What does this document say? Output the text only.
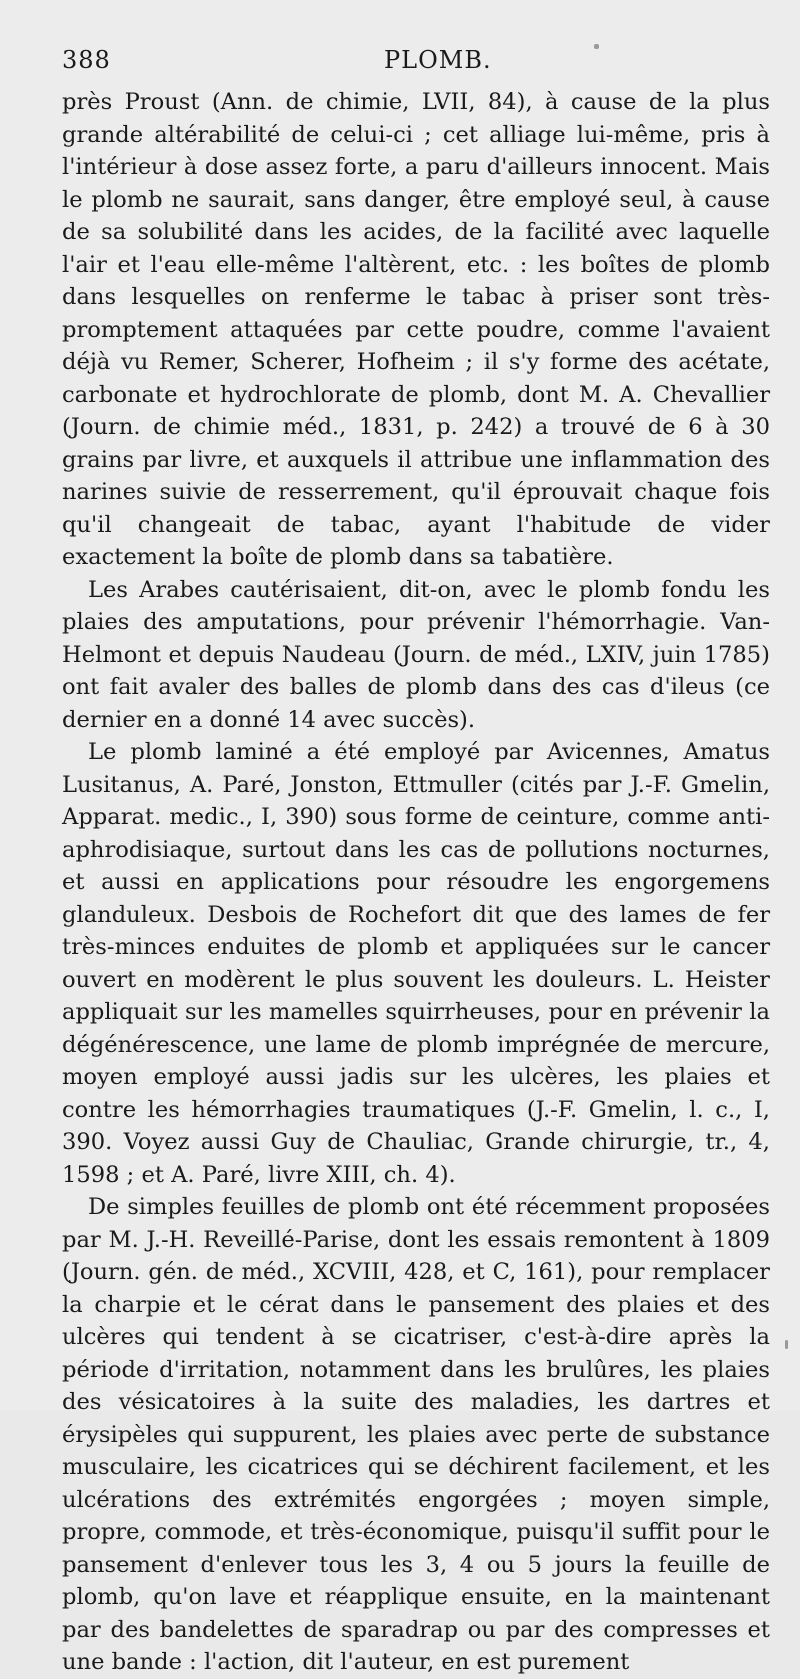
388	PLOMB.

près Proust (Ann. de chimie, LVII, 84), à cause de la plus grande altérabilité de celui-ci ; cet alliage lui-même, pris à l'intérieur à dose assez forte, a paru d'ailleurs innocent. Mais le plomb ne saurait, sans danger, être employé seul, à cause de sa solubilité dans les acides, de la facilité avec laquelle l'air et l'eau elle-même l'altèrent, etc. : les boîtes de plomb dans lesquelles on renferme le tabac à priser sont très-promptement attaquées par cette poudre, comme l'avaient déjà vu Remer, Scherer, Hofheim ; il s'y forme des acétate, carbonate et hydrochlorate de plomb, dont M. A. Chevallier (Journ. de chimie méd., 1831, p. 242) a trouvé de 6 à 30 grains par livre, et auxquels il attribue une inflammation des narines suivie de resserrement, qu'il éprouvait chaque fois qu'il changeait de tabac, ayant l'habitude de vider exactement la boîte de plomb dans sa tabatière.

Les Arabes cautérisaient, dit-on, avec le plomb fondu les plaies des amputations, pour prévenir l'hémorrhagie. Van-Helmont et depuis Naudeau (Journ. de méd., LXIV, juin 1785) ont fait avaler des balles de plomb dans des cas d'ileus (ce dernier en a donné 14 avec succès).

Le plomb laminé a été employé par Avicennes, Amatus Lusitanus, A. Paré, Jonston, Ettmuller (cités par J.-F. Gmelin, Apparat. medic., I, 390) sous forme de ceinture, comme anti-aphrodisiaque, surtout dans les cas de pollutions nocturnes, et aussi en applications pour résoudre les engorgemens glanduleux. Desbois de Rochefort dit que des lames de fer très-minces enduites de plomb et appliquées sur le cancer ouvert en modèrent le plus souvent les douleurs. L. Heister appliquait sur les mamelles squirrheuses, pour en prévenir la dégénérescence, une lame de plomb imprégnée de mercure, moyen employé aussi jadis sur les ulcères, les plaies et contre les hémorrhagies traumatiques (J.-F. Gmelin, l. c., I, 390. Voyez aussi Guy de Chauliac, Grande chirurgie, tr., 4, 1598 ; et A. Paré, livre XIII, ch. 4).

De simples feuilles de plomb ont été récemment proposées par M. J.-H. Reveillé-Parise, dont les essais remontent à 1809 (Journ. gén. de méd., XCVIII, 428, et C, 161), pour remplacer la charpie et le cérat dans le pansement des plaies et des ulcères qui tendent à se cicatriser, c'est-à-dire après la période d'irritation, notamment dans les brulûres, les plaies des vésicatoires à la suite des maladies, les dartres et érysipèles qui suppurent, les plaies avec perte de substance musculaire, les cicatrices qui se déchirent facilement, et les ulcérations des extrémités engorgées ; moyen simple, propre, commode, et très-économique, puisqu'il suffit pour le pansement d'enlever tous les 3, 4 ou 5 jours la feuille de plomb, qu'on lave et réapplique ensuite, en la maintenant par des bandelettes de sparadrap ou par des compresses et une bande : l'action, dit l'auteur, en est purement
